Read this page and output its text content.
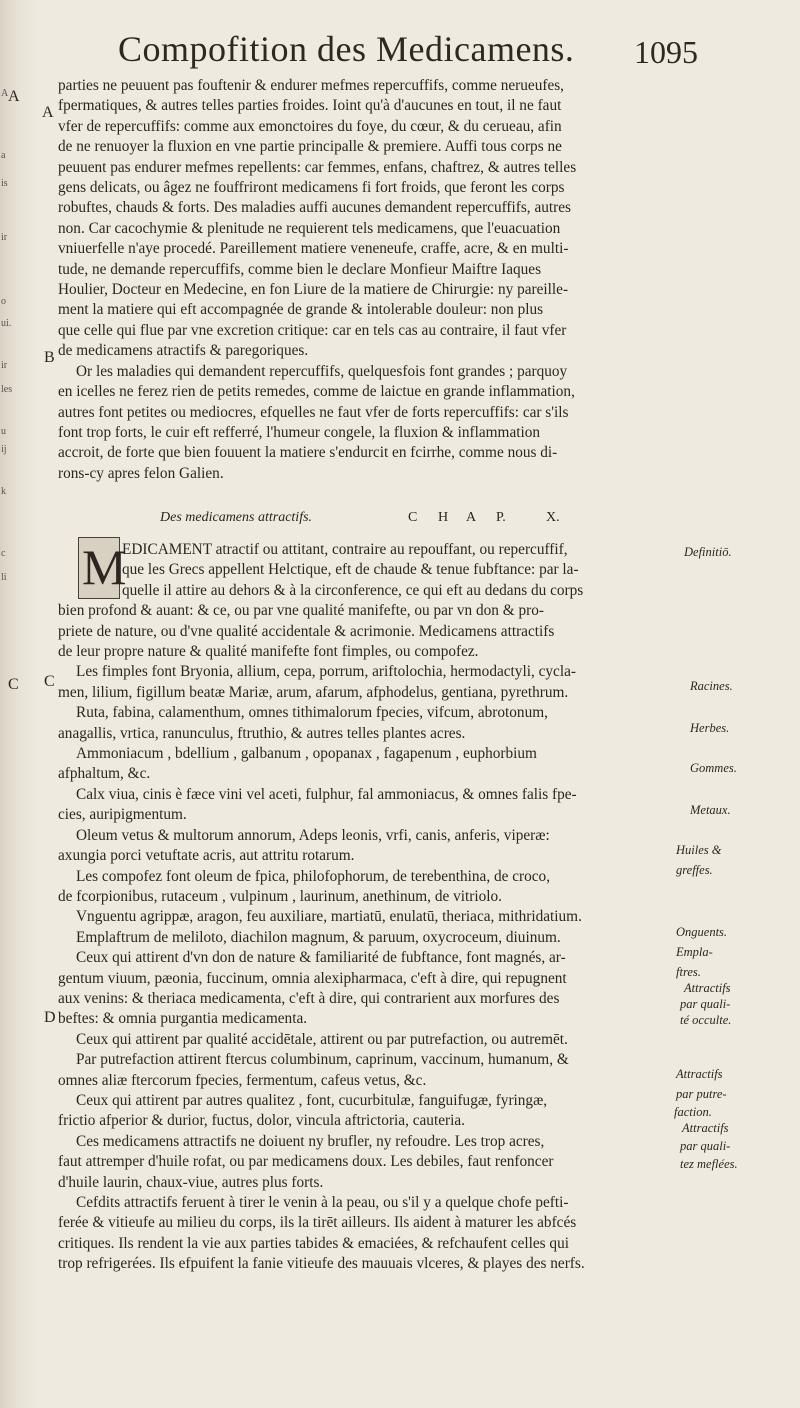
A
a
is
ir
o
ui.
ir
les
u
ij
k
c
li
Compofition des Medicamens. 1095
A
A
B
C
C
D
parties ne peuuent pas fouftenir & endurer mefmes repercuffifs, comme nerueufes,
fpermatiques, & autres telles parties froides. Ioint qu'à d'aucunes en tout, il ne faut
vfer de repercuffifs: comme aux emonctoires du foye, du cœur, & du cerueau, afin
de ne renuoyer la fluxion en vne partie principalle & premiere. Auffi tous corps ne
peuuent pas endurer mefmes repellents: car femmes, enfans, chaftrez, & autres telles
gens delicats, ou âgez ne fouffriront medicamens fi fort froids, que feront les corps
robuftes, chauds & forts. Des maladies auffi aucunes demandent repercuffifs, autres
non. Car cacochymie & plenitude ne requierent tels medicamens, que l'euacuation
vniuerfelle n'aye procedé. Pareillement matiere veneneufe, craffe, acre, & en multi-
tude, ne demande repercuffifs, comme bien le declare Monfieur Maiftre Iaques
Houlier, Docteur en Medecine, en fon Liure de la matiere de Chirurgie: ny pareille-
ment la matiere qui eft accompagnée de grande & intolerable douleur: non plus
que celle qui flue par vne excretion critique: car en tels cas au contraire, il faut vfer
de medicamens atractifs & paregoriques.
Or les maladies qui demandent repercuffifs, quelquesfois font grandes ; parquoy
en icelles ne ferez rien de petits remedes, comme de laictue en grande inflammation,
autres font petites ou mediocres, efquelles ne faut vfer de forts repercuffifs: car s'ils
font trop forts, le cuir eft refferré, l'humeur congele, la fluxion & inflammation
accroit, de forte que bien fouuent la matiere s'endurcit en fcirrhe, comme nous di-
rons-cy apres felon Galien.
Des medicamens attractifs.	C H A P.	X.
M
EDICAMENT atractif ou attitant, contraire au repouffant, ou repercuffif,
que les Grecs appellent Helctique, eft de chaude & tenue fubftance: par la-
quelle il attire au dehors & à la circonference, ce qui eft au dedans du corps
bien profond & auant: & ce, ou par vne qualité manifefte, ou par vn don & pro-
priete de nature, ou d'vne qualité accidentale & acrimonie. Medicamens attractifs
de leur propre nature & qualité manifefte font fimples, ou compofez.
Les fimples font Bryonia, allium, cepa, porrum, ariftolochia, hermodactyli, cycla-
men, lilium, figillum beatæ Mariæ, arum, afarum, afphodelus, gentiana, pyrethrum.
Ruta, fabina, calamenthum, omnes tithimalorum fpecies, vifcum, abrotonum,
anagallis, vrtica, ranunculus, ftruthio, & autres telles plantes acres.
Ammoniacum , bdellium , galbanum , opopanax , fagapenum , euphorbium
afphaltum, &c.
Calx viua, cinis è fæce vini vel aceti, fulphur, fal ammoniacus, & omnes falis fpe-
cies, auripigmentum.
Oleum vetus & multorum annorum, Adeps leonis, vrfi, canis, anferis, viperæ:
axungia porci vetuftate acris, aut attritu rotarum.
Les compofez font oleum de fpica, philofophorum, de terebenthina, de croco,
de fcorpionibus, rutaceum , vulpinum , laurinum, anethinum, de vitriolo.
Vnguentu agrippæ, aragon, feu auxiliare, martiatū, enulatū, theriaca, mithridatium.
Emplaftrum de meliloto, diachilon magnum, & paruum, oxycroceum, diuinum.
Ceux qui attirent d'vn don de nature & familiarité de fubftance, font magnés, ar-
gentum viuum, pæonia, fuccinum, omnia alexipharmaca, c'eft à dire, qui repugnent
aux venins: & theriaca medicamenta, c'eft à dire, qui contrarient aux morfures des
beftes: & omnia purgantia medicamenta.
Ceux qui attirent par qualité accidētale, attirent ou par putrefaction, ou autremēt.
Par putrefaction attirent ftercus columbinum, caprinum, vaccinum, humanum, &
omnes aliæ ftercorum fpecies, fermentum, cafeus vetus, &c.
Ceux qui attirent par autres qualitez , font, cucurbitulæ, fanguifugæ, fyringæ,
frictio afperior & durior, fuctus, dolor, vincula aftrictoria, cauteria.
Ces medicamens attractifs ne doiuent ny brufler, ny refoudre. Les trop acres,
faut attremper d'huile rofat, ou par medicamens doux. Les debiles, faut renfoncer
d'huile laurin, chaux-viue, autres plus forts.
Cefdits attractifs feruent à tirer le venin à la peau, ou s'il y a quelque chofe pefti-
ferée & vitieufe au milieu du corps, ils la tirēt ailleurs. Ils aident à maturer les abfcés
critiques. Ils rendent la vie aux parties tabides & emaciées, & refchaufent celles qui
trop refrigerées. Ils efpuifent la fanie vitieufe des mauuais vlceres, & playes des nerfs.
Definitiō.
Racines.
Herbes.
Gommes.
Metaux.
Huiles &
greffes.
Onguents.
Empla-
ftres.
Attractifs
par quali-
té occulte.
Attractifs
par putre-
faction.
Attractifs
par quali-
tez meflées.
